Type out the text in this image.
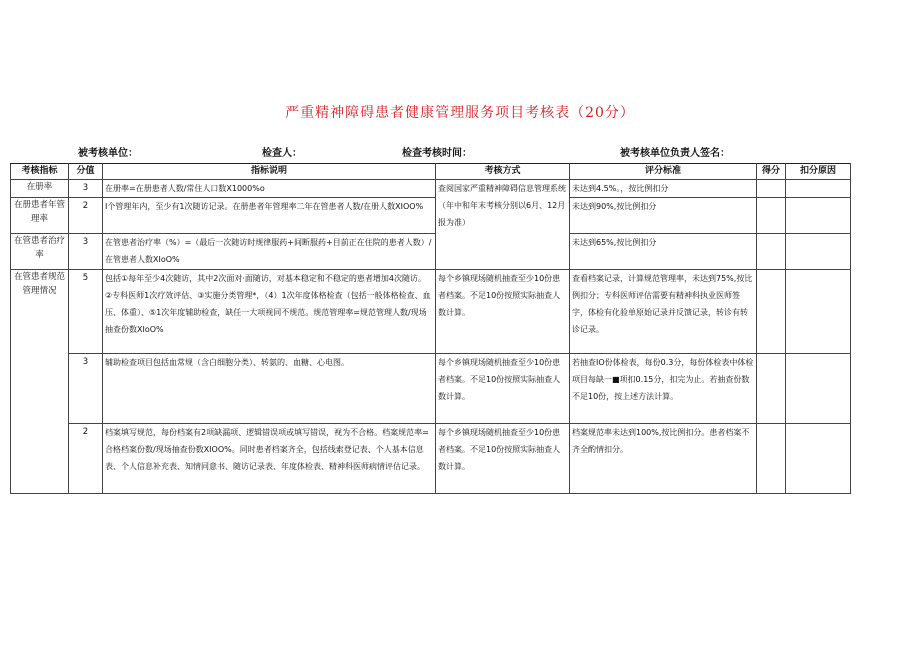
严重精神障碍患者健康管理服务项目考核表（20分）
被考核单位：	检查人：	检查考核时间：	被考核单位负责人签名：
考核指标	分值	指标说明	考核方式	评分标准	得分	扣分原因
在册率	3	在册率=在册患者人数/常住人口数X1000%o	查阅国家严重精神障碍信息管理系统（年中和年末考核分别以6月、12月报为准）	未达到4.5%。，按比例扣分		
在册患者年管理率	2	I个管理年内，至少有1次随访记录。在册患者年管理率二年在管患者人数/在册人数XIOO%		未达到90%,按比例扣分		
在管患者治疗率	3	在管患者治疗率（%）=（最后一次随访时规律服药+间断服药+目前正在住院的患者人数）/在管患者人数XIoO%		未达到65%,按比例扣分		
在管患者规范管理情况	5	包括①每年至少4次随访，其中2次面对·面随访，对基本稳定和不稳定的患者增加4次随访。②专科医师1次疗效评估、③实施分类管理*，（4）1次年度体格检查（包括一般体格检查、血压、体重）、⑤1次年度辅助检查，缺任一大项视同不规范。规范管理率=规范管理人数/现场抽查份数XIoO%	每个乡镇现场随机抽查至少10份患者档案。不足10份按照实际抽查人数计算。	查看档案记录，计算规范管理率，未达到75%,按比例扣分；专科医师评估需要有精神科执业医师签字，体检有化验单原始记录并反馈记录，转诊有转诊记录。		
	3	辅助检查项目包括血常规（含白细胞分类）、转氨的、血糖、心电图。	每个乡镇现场随机抽查至少10份患者档案。不足10份按照实际抽查人数计算。	若抽查IO份体检表，每份0.3分，每份体检表中体检项目每缺一■项扣0.15分，扣完为止。若抽查份数不足10份，按上述方法计算。		
	2	档案填写规范，每份档案有2项缺漏项、逻辑错误项或填写错误，视为不合格。档案规范率=合格档案份数/现场抽查份数XIOO%。同时患者档案齐全，包括线索登记表、个人基本信息表、个人信息补充表、知情同意书、随访记录表、年度体检表、精神科医师病情评估记录。	每个乡镇现场随机抽查至少10份患者档案。不足10份按照实际抽查人数计算。	档案规范率未达到100%,按比例扣分。患者档案不齐全酌情扣分。		
